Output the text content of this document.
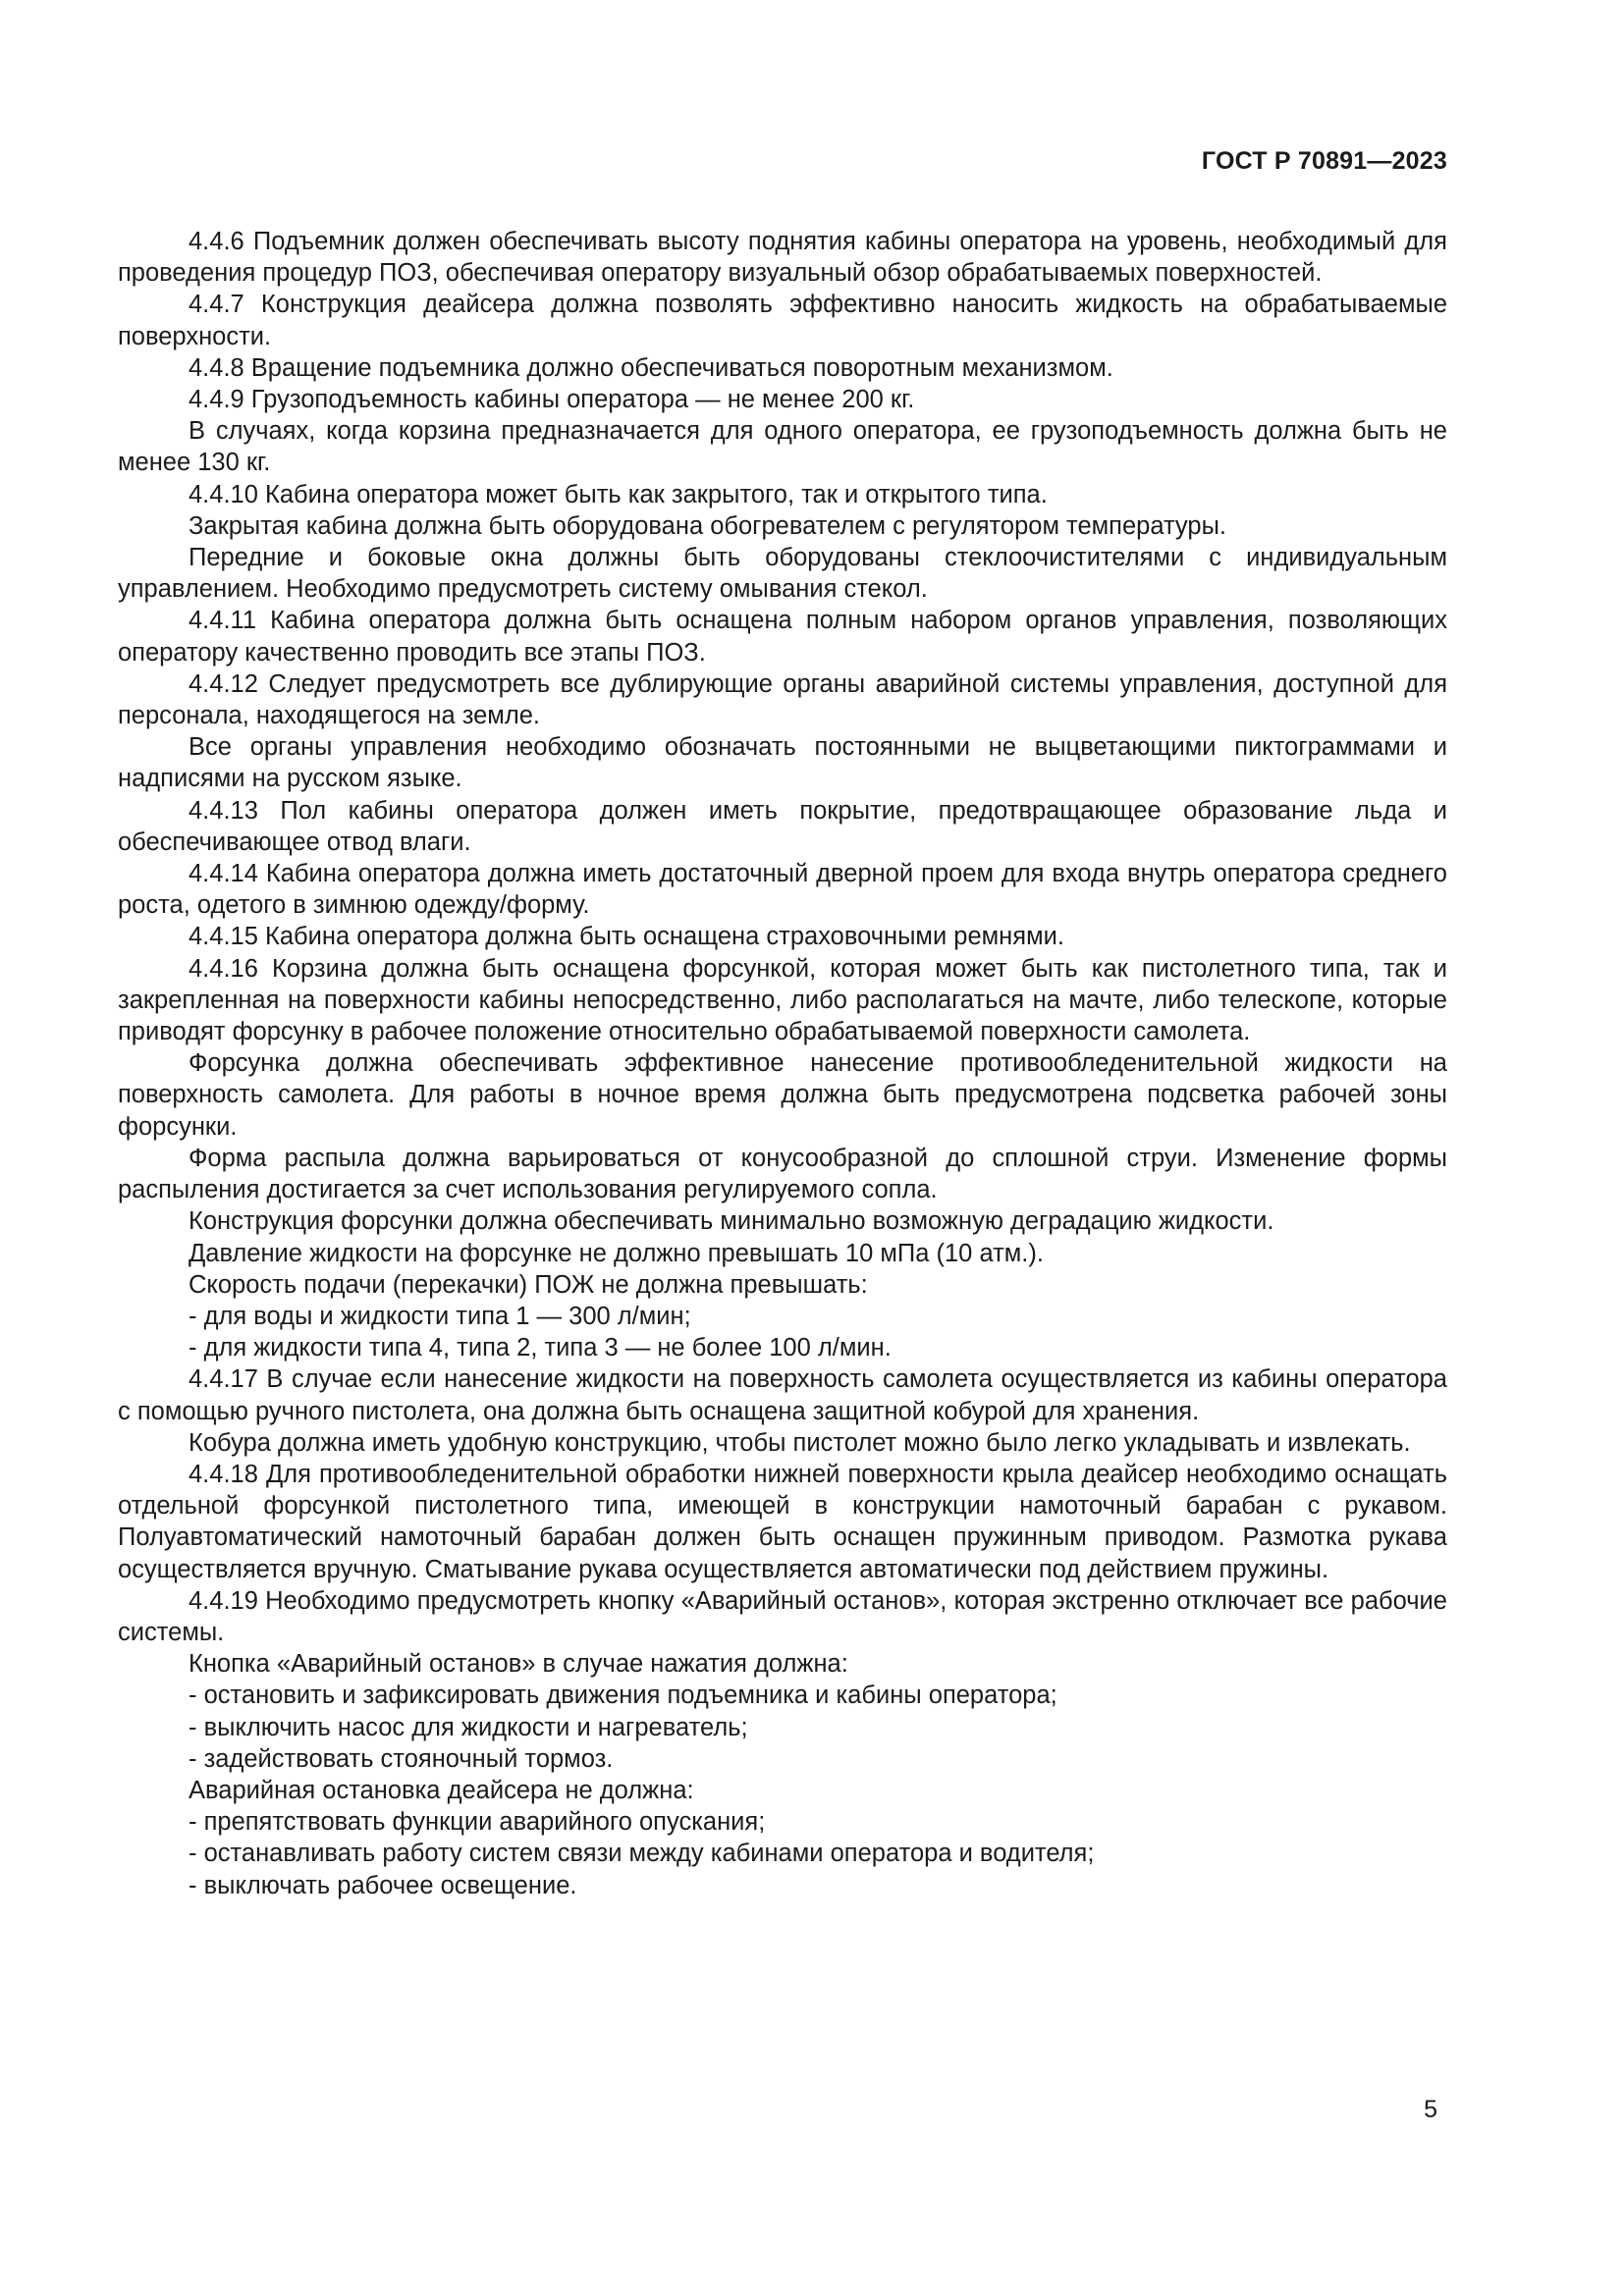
ГОСТ Р 70891—2023

4.4.6 Подъемник должен обеспечивать высоту поднятия кабины оператора на уровень, необходимый для проведения процедур ПОЗ, обеспечивая оператору визуальный обзор обрабатываемых поверхностей.

4.4.7 Конструкция деайсера должна позволять эффективно наносить жидкость на обрабатываемые поверхности.

4.4.8 Вращение подъемника должно обеспечиваться поворотным механизмом.

4.4.9 Грузоподъемность кабины оператора — не менее 200 кг.

В случаях, когда корзина предназначается для одного оператора, ее грузоподъемность должна быть не менее 130 кг.

4.4.10 Кабина оператора может быть как закрытого, так и открытого типа.

Закрытая кабина должна быть оборудована обогревателем с регулятором температуры.

Передние и боковые окна должны быть оборудованы стеклоочистителями с индивидуальным управлением. Необходимо предусмотреть систему омывания стекол.

4.4.11 Кабина оператора должна быть оснащена полным набором органов управления, позволяющих оператору качественно проводить все этапы ПОЗ.

4.4.12 Следует предусмотреть все дублирующие органы аварийной системы управления, доступной для персонала, находящегося на земле.

Все органы управления необходимо обозначать постоянными не выцветающими пиктограммами и надписями на русском языке.

4.4.13 Пол кабины оператора должен иметь покрытие, предотвращающее образование льда и обеспечивающее отвод влаги.

4.4.14 Кабина оператора должна иметь достаточный дверной проем для входа внутрь оператора среднего роста, одетого в зимнюю одежду/форму.

4.4.15 Кабина оператора должна быть оснащена страховочными ремнями.

4.4.16 Корзина должна быть оснащена форсункой, которая может быть как пистолетного типа, так и закрепленная на поверхности кабины непосредственно, либо располагаться на мачте, либо телескопе, которые приводят форсунку в рабочее положение относительно обрабатываемой поверхности самолета.

Форсунка должна обеспечивать эффективное нанесение противообледенительной жидкости на поверхность самолета. Для работы в ночное время должна быть предусмотрена подсветка рабочей зоны форсунки.

Форма распыла должна варьироваться от конусообразной до сплошной струи. Изменение формы распыления достигается за счет использования регулируемого сопла.

Конструкция форсунки должна обеспечивать минимально возможную деградацию жидкости.

Давление жидкости на форсунке не должно превышать 10 мПа (10 атм.).

Скорость подачи (перекачки) ПОЖ не должна превышать:

- для воды и жидкости типа 1 — 300 л/мин;

- для жидкости типа 4, типа 2, типа 3 — не более 100 л/мин.

4.4.17 В случае если нанесение жидкости на поверхность самолета осуществляется из кабины оператора с помощью ручного пистолета, она должна быть оснащена защитной кобурой для хранения.

Кобура должна иметь удобную конструкцию, чтобы пистолет можно было легко укладывать и извлекать.

4.4.18 Для противообледенительной обработки нижней поверхности крыла деайсер необходимо оснащать отдельной форсункой пистолетного типа, имеющей в конструкции намоточный барабан с рукавом. Полуавтоматический намоточный барабан должен быть оснащен пружинным приводом. Размотка рукава осуществляется вручную. Сматывание рукава осуществляется автоматически под действием пружины.

4.4.19 Необходимо предусмотреть кнопку «Аварийный останов», которая экстренно отключает все рабочие системы.

Кнопка «Аварийный останов» в случае нажатия должна:

- остановить и зафиксировать движения подъемника и кабины оператора;

- выключить насос для жидкости и нагреватель;

- задействовать стояночный тормоз.

Аварийная остановка деайсера не должна:

- препятствовать функции аварийного опускания;

- останавливать работу систем связи между кабинами оператора и водителя;

- выключать рабочее освещение.

5
